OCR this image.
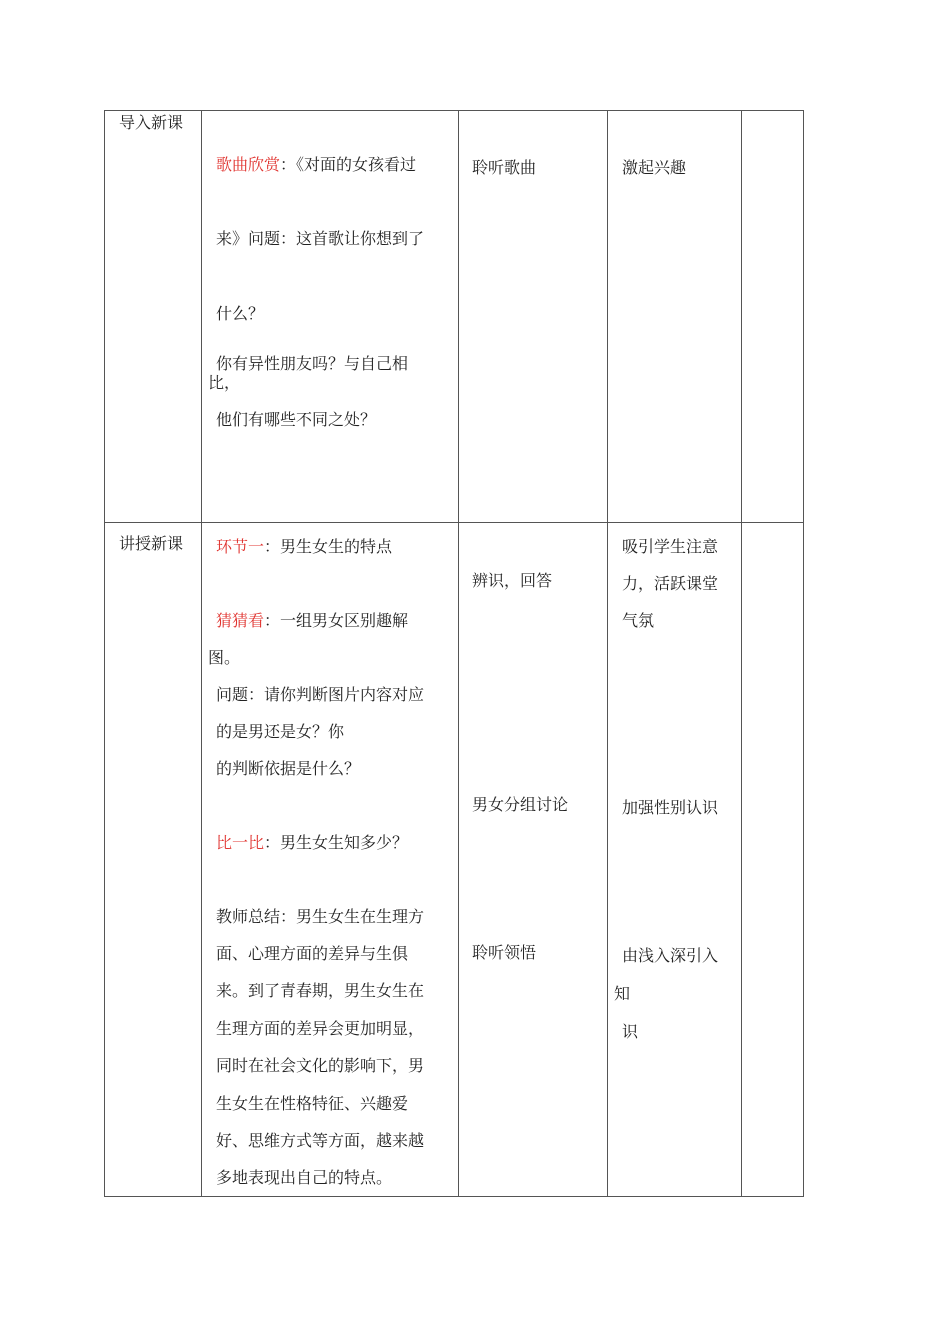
导入新课
歌曲欣赏：《对面的女孩看过
来》问题：这首歌让你想到了
什么？
你有异性朋友吗？与自己相
比，
他们有哪些不同之处？
聆听歌曲	激起兴趣
讲授新课 环节一：男生女生的特点
猜猜看：一组男女区别趣解
图。
问题：请你判断图片内容对应
的是男还是女？你
的判断依据是什么？
比一比：男生女生知多少？
教师总结：男生女生在生理方
面、心理方面的差异与生俱
来。到了青春期，男生女生在
生理方面的差异会更加明显，
同时在社会文化的影响下，男
生女生在性格特征、兴趣爱
好、思维方式等方面，越来越
多地表现出自己的特点。
辨识，回答
男女分组讨论
聆听领悟
吸引学生注意
力，活跃课堂
气氛
加强性别认识
由浅入深引入
知
识
